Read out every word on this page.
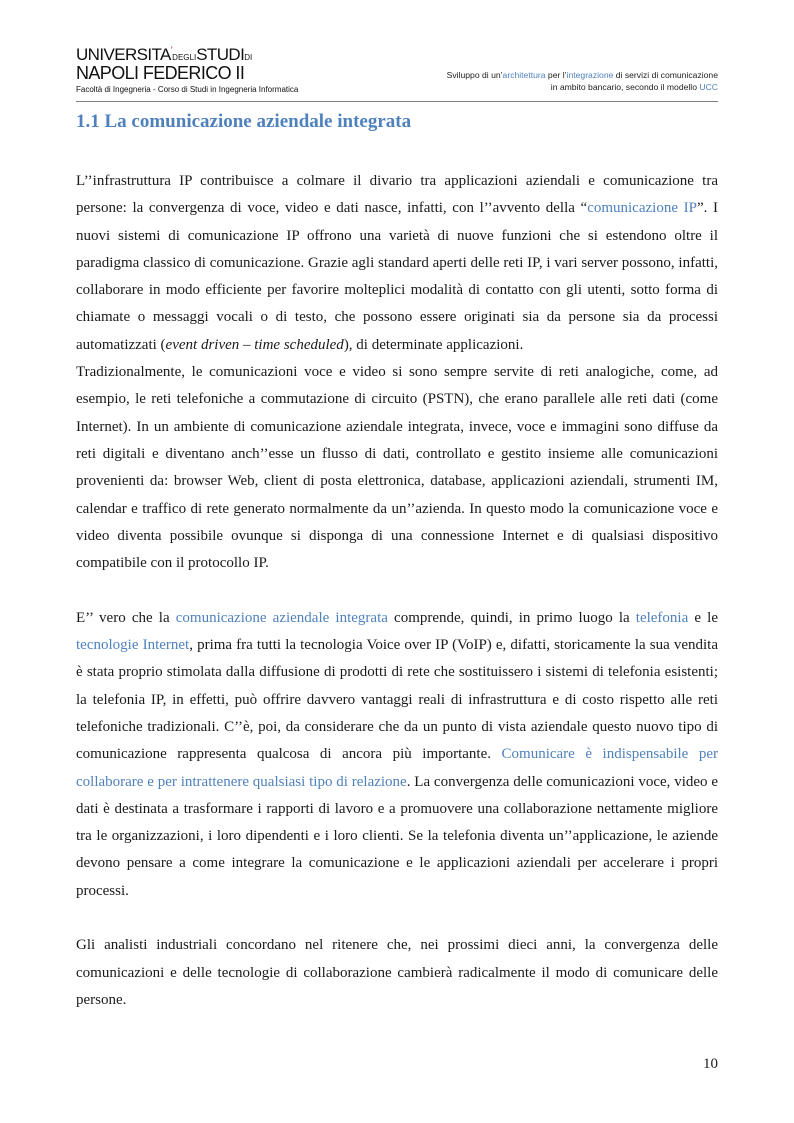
UNIVERSITA’DEGLISTUDIDI
NAPOLI FEDERICO II
Facoltà di Ingegneria - Corso di Studi in Ingegneria Informatica
Sviluppo di un’architettura per l’integrazione di servizi di comunicazione
in ambito bancario, secondo il modello UCC
1.1 La comunicazione aziendale integrata

L’’infrastruttura IP contribuisce a colmare il divario tra applicazioni aziendali e comunicazione tra persone: la convergenza di voce, video e dati nasce, infatti, con l’’avvento della “comunicazione IP”. I nuovi sistemi di comunicazione IP offrono una varietà di nuove funzioni che si estendono oltre il paradigma classico di comunicazione. Grazie agli standard aperti delle reti IP, i vari server possono, infatti, collaborare in modo efficiente per favorire molteplici modalità di contatto con gli utenti, sotto forma di chiamate o messaggi vocali o di testo, che possono essere originati sia da persone sia da processi automatizzati (event driven – time scheduled), di determinate applicazioni.

Tradizionalmente, le comunicazioni voce e video si sono sempre servite di reti analogiche, come, ad esempio, le reti telefoniche a commutazione di circuito (PSTN), che erano parallele alle reti dati (come Internet). In un ambiente di comunicazione aziendale integrata, invece, voce e immagini sono diffuse da reti digitali e diventano anch’’esse un flusso di dati, controllato e gestito insieme alle comunicazioni provenienti da: browser Web, client di posta elettronica, database, applicazioni aziendali, strumenti IM, calendar e traffico di rete generato normalmente da un’’azienda. In questo modo la comunicazione voce e video diventa possibile ovunque si disponga di una connessione Internet e di qualsiasi dispositivo compatibile con il protocollo IP.

E’’ vero che la comunicazione aziendale integrata comprende, quindi, in primo luogo la telefonia e le tecnologie Internet, prima fra tutti la tecnologia Voice over IP (VoIP) e, difatti, storicamente la sua vendita è stata proprio stimolata dalla diffusione di prodotti di rete che sostituissero i sistemi di telefonia esistenti; la telefonia IP, in effetti, può offrire davvero vantaggi reali di infrastruttura e di costo rispetto alle reti telefoniche tradizionali. C’’è, poi, da considerare che da un punto di vista aziendale questo nuovo tipo di comunicazione rappresenta qualcosa di ancora più importante. Comunicare è indispensabile per collaborare e per intrattenere qualsiasi tipo di relazione. La convergenza delle comunicazioni voce, video e dati è destinata a trasformare i rapporti di lavoro e a promuovere una collaborazione nettamente migliore tra le organizzazioni, i loro dipendenti e i loro clienti. Se la telefonia diventa un’’applicazione, le aziende devono pensare a come integrare la comunicazione e le applicazioni aziendali per accelerare i propri processi.

Gli analisti industriali concordano nel ritenere che, nei prossimi dieci anni, la convergenza delle comunicazioni e delle tecnologie di collaborazione cambierà radicalmente il modo di comunicare delle persone.

10
